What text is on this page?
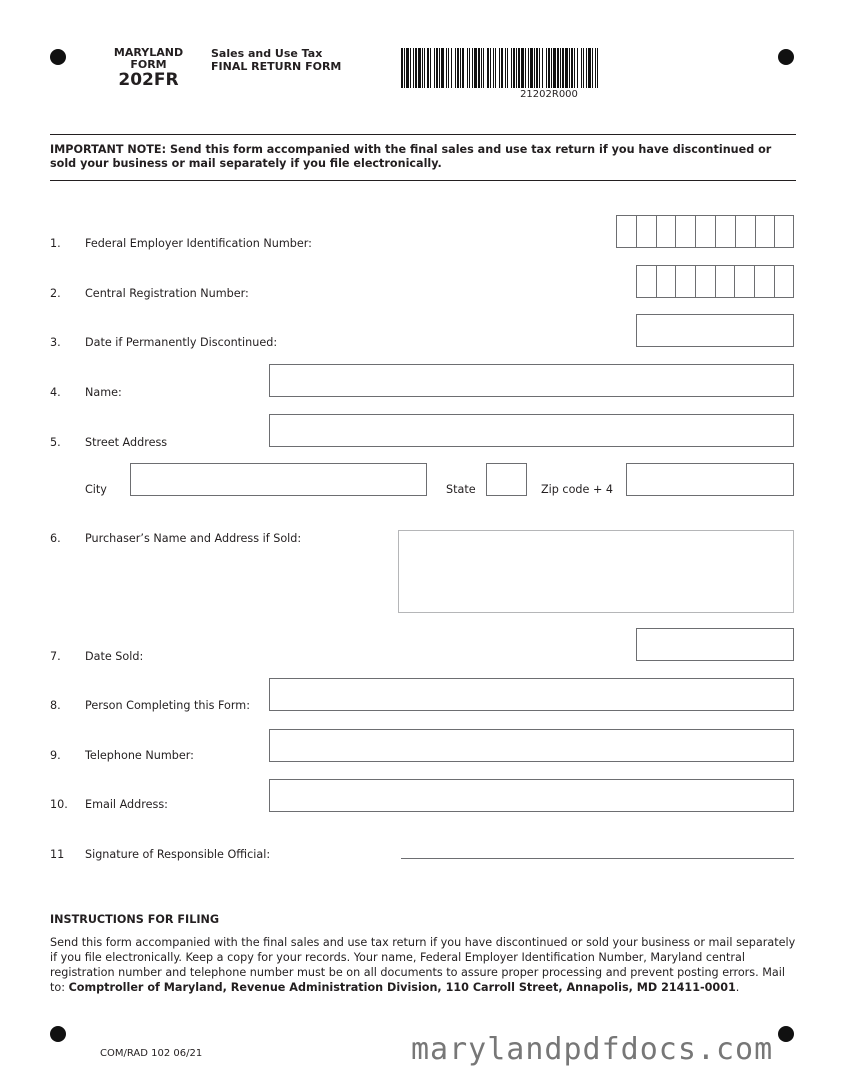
MARYLAND
FORM
202FR
Sales and Use Tax
FINAL RETURN FORM
21202R000
IMPORTANT NOTE: Send this form accompanied with the final sales and use tax return if you have discontinued or sold your business or mail separately if you file electronically.
1. Federal Employer Identification Number:
2. Central Registration Number:
3. Date if Permanently Discontinued:
4. Name:
5. Street Address
City	State	Zip code + 4
6. Purchaser’s Name and Address if Sold:
7. Date Sold:
8. Person Completing this Form:
9. Telephone Number:
10. Email Address:
11 Signature of Responsible Official:
INSTRUCTIONS FOR FILING
Send this form accompanied with the final sales and use tax return if you have discontinued or sold your business or mail separately if you file electronically. Keep a copy for your records. Your name, Federal Employer Identification Number, Maryland central registration number and telephone number must be on all documents to assure proper processing and prevent posting errors. Mail to: Comptroller of Maryland, Revenue Administration Division, 110 Carroll Street, Annapolis, MD 21411-0001.
COM/RAD 102 06/21	marylandpdfdocs.com
